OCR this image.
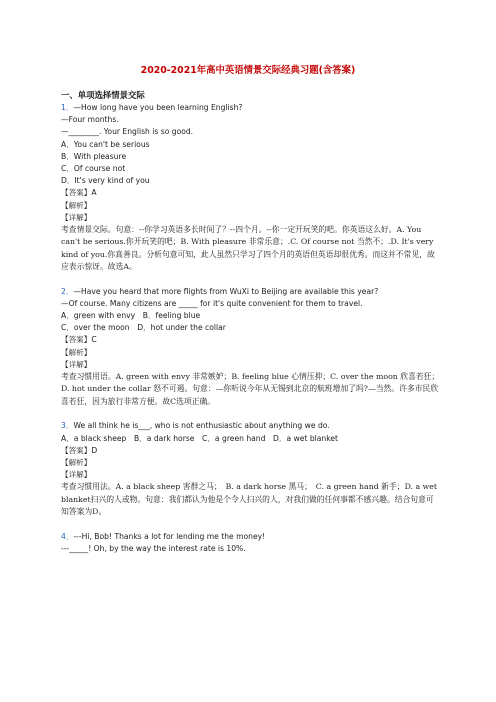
2020-2021年高中英语情景交际经典习题(含答案)
一、单项选择情景交际
1．—How long have you been learning English?
—Four months.
—________. Your English is so good.
A．You can't be serious
B．With pleasure
C．Of course not
D．It's very kind of you
【答案】A
【解析】
【详解】
考查情景交际。句意：--你学习英语多长时间了？--四个月。--你一定开玩笑的吧。你英语这么好。A. You can't be serious.你开玩笑的吧；B. With pleasure 非常乐意；.C. Of course not 当然不；.D. It's very kind of you.你真善良。分析句意可知，此人虽然只学习了四个月的英语但英语却很优秀。而这并不常见，故应表示惊讶。故选A。
2．—Have you heard that more flights from WuXi to Beijing are available this year?
—Of course. Many citizens are _____ for it's quite convenient for them to travel.
A．green with envy　B．feeling blue
C．over the moon　D．hot under the collar
【答案】C
【解析】
【详解】
考查习惯用语。A. green with envy 非常嫉妒；B. feeling blue 心情压抑；C. over the moon 欣喜若狂；D. hot under the collar 怒不可遏。句意：—你听说今年从无锡到北京的航班增加了吗?—当然。许多市民欣喜若狂，因为旅行非常方便。故C选项正确。
3．We all think he is___, who is not enthusiastic about anything we do.
A．a black sheep　B．a dark horse　C．a green hand　D．a wet blanket
【答案】D
【解析】
【详解】
考查习惯用法。A. a black sheep 害群之马；　B. a dark horse 黑马；　C. a green hand 新手；D. a wet blanket扫兴的人或物。句意：我们都认为他是个令人扫兴的人，对我们做的任何事都不感兴趣。结合句意可知答案为D。
4．---Hi, Bob! Thanks a lot for lending me the money!
---_____! Oh, by the way the interest rate is 10%.
